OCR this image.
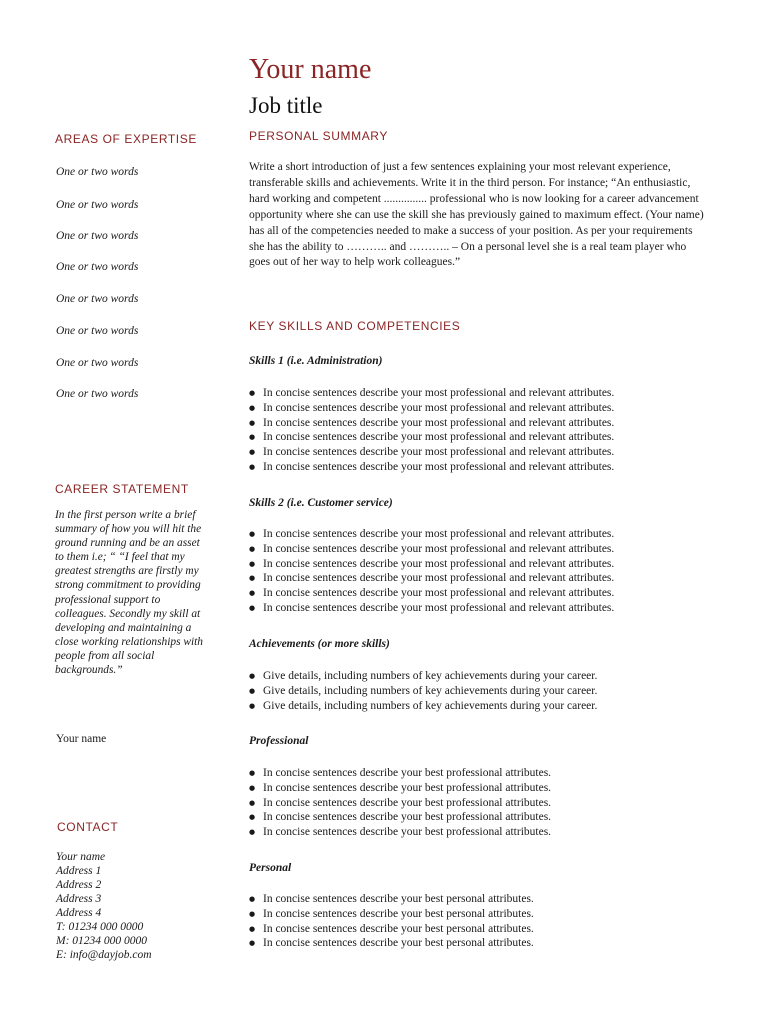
Your name
Job title
AREAS OF EXPERTISE
One or two words
One or two words
One or two words
One or two words
One or two words
One or two words
One or two words
One or two words
CAREER STATEMENT
In the first person write a brief summary of how you will hit the ground running and be an asset to them i.e; “ “I feel that my greatest strengths are firstly my strong commitment to providing professional support to colleagues. Secondly my skill at developing and maintaining a close working relationships with people from all social backgrounds.”
Your name
CONTACT
Your name
Address 1
Address 2
Address 3
Address 4
T: 01234 000 0000
M: 01234 000 0000
E: info@dayjob.com
PERSONAL SUMMARY
Write a short introduction of just a few sentences explaining your most relevant experience, transferable skills and achievements. Write it in the third person. For instance; “An enthusiastic, hard working and competent ............... professional who is now looking for a career advancement opportunity where she can use the skill she has previously gained to maximum effect. (Your name) has all of the competencies needed to make a success of your position. As per your requirements she has the ability to ……….. and ……….. – On a personal level she is a real team player who goes out of her way to help work colleagues.”
KEY SKILLS AND COMPETENCIES
Skills 1 (i.e. Administration)
● In concise sentences describe your most professional and relevant attributes.
● In concise sentences describe your most professional and relevant attributes.
● In concise sentences describe your most professional and relevant attributes.
● In concise sentences describe your most professional and relevant attributes.
● In concise sentences describe your most professional and relevant attributes.
● In concise sentences describe your most professional and relevant attributes.
Skills 2 (i.e. Customer service)
● In concise sentences describe your most professional and relevant attributes.
● In concise sentences describe your most professional and relevant attributes.
● In concise sentences describe your most professional and relevant attributes.
● In concise sentences describe your most professional and relevant attributes.
● In concise sentences describe your most professional and relevant attributes.
● In concise sentences describe your most professional and relevant attributes.
Achievements (or more skills)
● Give details, including numbers of key achievements during your career.
● Give details, including numbers of key achievements during your career.
● Give details, including numbers of key achievements during your career.
Professional
● In concise sentences describe your best professional attributes.
● In concise sentences describe your best professional attributes.
● In concise sentences describe your best professional attributes.
● In concise sentences describe your best professional attributes.
● In concise sentences describe your best professional attributes.
Personal
● In concise sentences describe your best personal attributes.
● In concise sentences describe your best personal attributes.
● In concise sentences describe your best personal attributes.
● In concise sentences describe your best personal attributes.
